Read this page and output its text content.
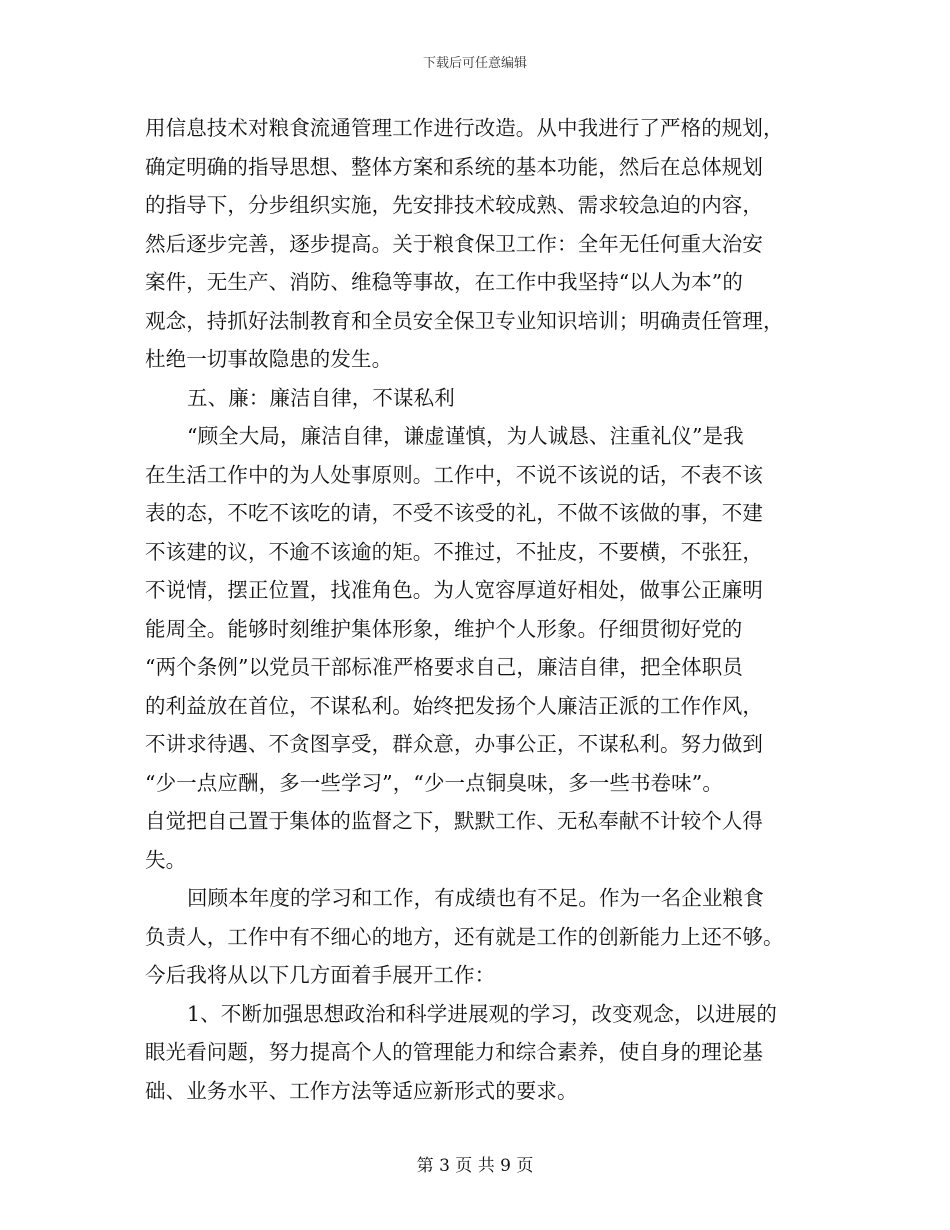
下载后可任意编辑
用信息技术对粮食流通管理工作进行改造。从中我进行了严格的规划，
确定明确的指导思想、整体方案和系统的基本功能，然后在总体规划
的指导下，分步组织实施，先安排技术较成熟、需求较急迫的内容，
然后逐步完善，逐步提高。关于粮食保卫工作：全年无任何重大治安
案件，无生产、消防、维稳等事故，在工作中我坚持“以人为本”的
观念，持抓好法制教育和全员安全保卫专业知识培训；明确责任管理，
杜绝一切事故隐患的发生。
五、廉：廉洁自律，不谋私利
“顾全大局，廉洁自律，谦虚谨慎，为人诚恳、注重礼仪”是我
在生活工作中的为人处事原则。工作中，不说不该说的话，不表不该
表的态，不吃不该吃的请，不受不该受的礼，不做不该做的事，不建
不该建的议，不逾不该逾的矩。不推过，不扯皮，不要横，不张狂，
不说情，摆正位置，找准角色。为人宽容厚道好相处，做事公正廉明
能周全。能够时刻维护集体形象，维护个人形象。仔细贯彻好党的
“两个条例”以党员干部标准严格要求自己，廉洁自律，把全体职员
的利益放在首位，不谋私利。始终把发扬个人廉洁正派的工作作风，
不讲求待遇、不贪图享受，群众意，办事公正，不谋私利。努力做到
“少一点应酬，多一些学习”，“少一点铜臭味，多一些书卷味”。
自觉把自己置于集体的监督之下，默默工作、无私奉献不计较个人得
失。
回顾本年度的学习和工作，有成绩也有不足。作为一名企业粮食
负责人，工作中有不细心的地方，还有就是工作的创新能力上还不够。
今后我将从以下几方面着手展开工作：
1、不断加强思想政治和科学进展观的学习，改变观念，以进展的
眼光看问题，努力提高个人的管理能力和综合素养，使自身的理论基
础、业务水平、工作方法等适应新形式的要求。
第 3 页 共 9 页
